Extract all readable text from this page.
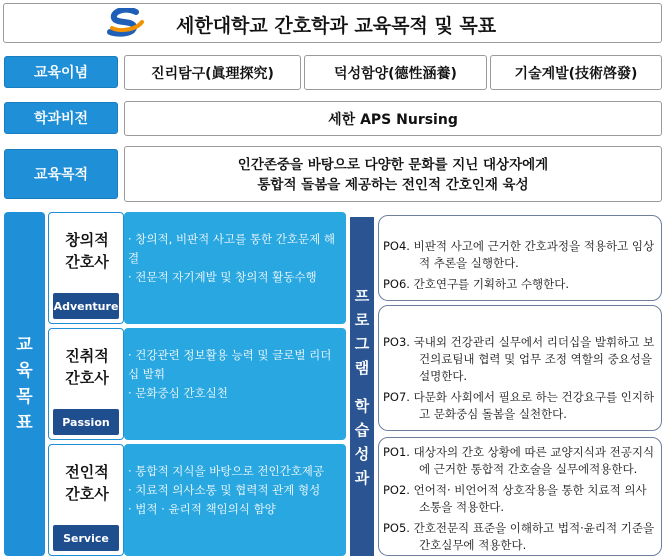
세한대학교 간호학과 교육목적 및 목표
교육이념	진리탐구(眞理探究)	덕성함양(德性涵養)	기술계발(技術啓發)
학과비전	세한 APS Nursing
교육목적
인간존중을 바탕으로 다양한 문화를 지닌 대상자에게
통합적 돌봄을 제공하는 전인적 간호인재 육성
교
육
목
표
창의적
간호사
Adventure
· 창의적, 비판적 사고를 통한 간호문제 해결
· 전문적 자기계발 및 창의적 활동수행
진취적
간호사
Passion
· 건강관련 정보활용 능력 및 글로벌 리더십 발휘
· 문화중심 간호실천
전인적
간호사
Service
· 통합적 지식을 바탕으로 전인간호제공
· 치료적 의사소통 및 협력적 관계 형성
· 법적 · 윤리적 책임의식 함양
프
로
그
램
학
습
성
과
PO4. 비판적 사고에 근거한 간호과정을 적용하고 임상적 추론을 실행한다.
PO6. 간호연구를 기획하고 수행한다.
PO3. 국내외 건강관리 실무에서 리더십을 발휘하고 보건의료팀내 협력 및 업무 조정 역할의 중요성을 설명한다.
PO7. 다문화 사회에서 필요로 하는 건강요구를 인지하고 문화중심 돌봄을 실천한다.
PO1. 대상자의 간호 상황에 따른 교양지식과 전공지식에 근거한 통합적 간호술을 실무에적용한다.
PO2. 언어적· 비언어적 상호작용을 통한 치료적 의사소통을 적용한다.
PO5. 간호전문직 표준을 이해하고 법적·윤리적 기준을 간호실무에 적용한다.
